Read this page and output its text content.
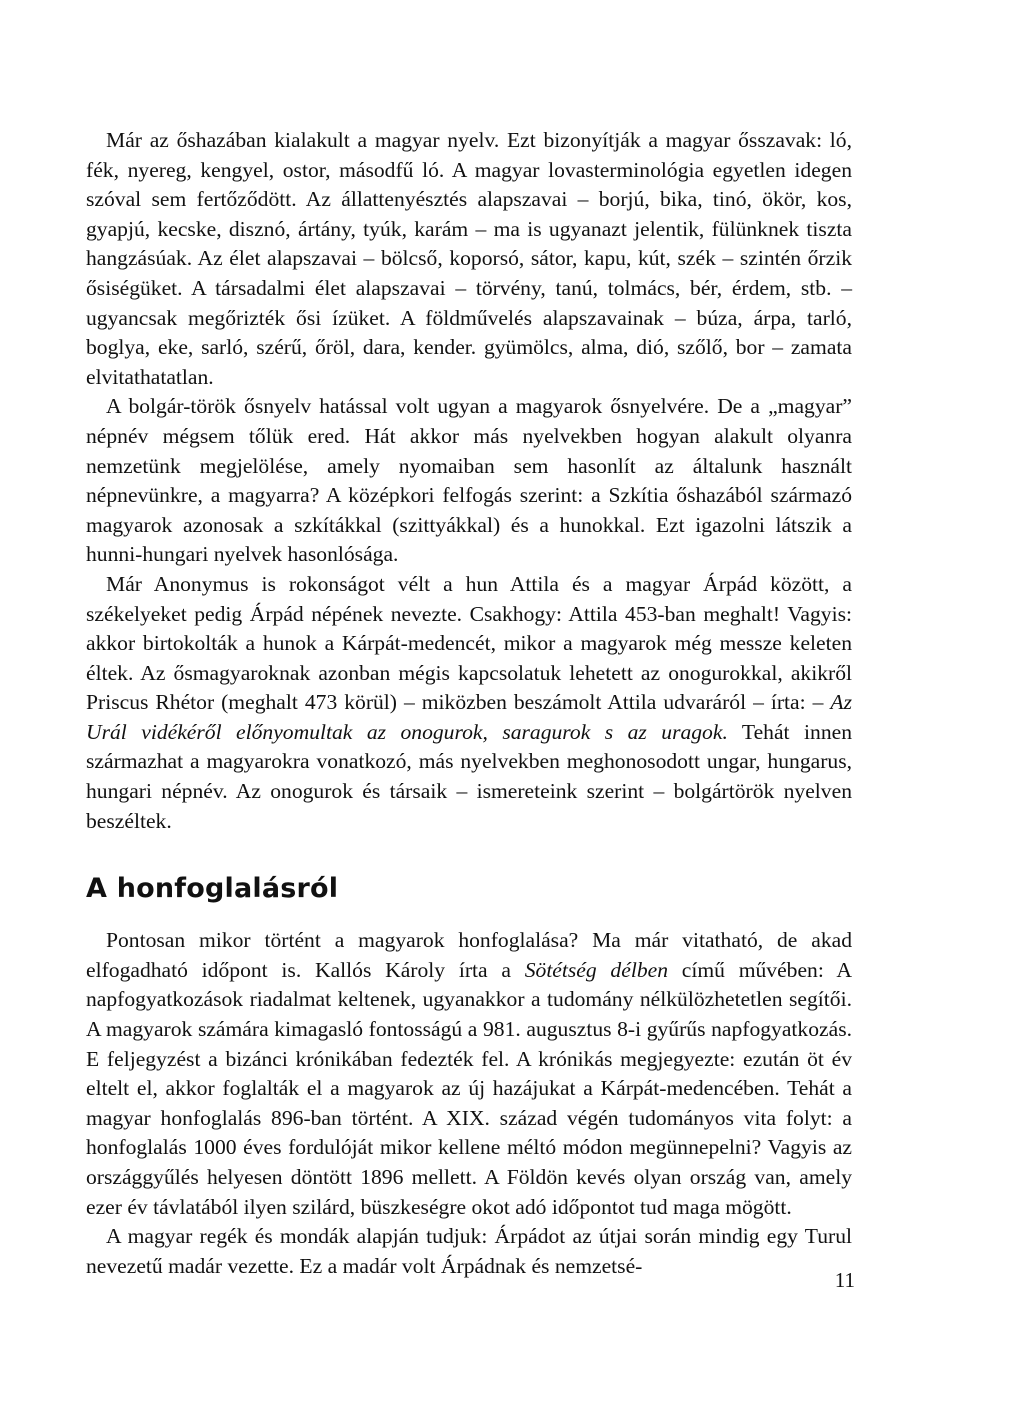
Már az őshazában kialakult a magyar nyelv. Ezt bizonyítják a magyar ősszavak: ló, fék, nyereg, kengyel, ostor, másodfű ló. A magyar lovasterminológia egyetlen idegen szóval sem fertőződött. Az állattenyésztés alapszavai – borjú, bika, tinó, ökör, kos, gyapjú, kecske, disznó, ártány, tyúk, karám – ma is ugyanazt jelentik, fülünknek tiszta hangzásúak. Az élet alapszavai – bölcső, koporsó, sátor, kapu, kút, szék – szintén őrzik ősiségüket. A társadalmi élet alapszavai – törvény, tanú, tolmács, bér, érdem, stb. – ugyancsak megőrizték ősi ízüket. A földművelés alapszavainak – búza, árpa, tarló, boglya, eke, sarló, szérű, őröl, dara, kender. gyümölcs, alma, dió, szőlő, bor – zamata elvitathatatlan.

A bolgár-török ősnyelv hatással volt ugyan a magyarok ősnyelvére. De a „magyar” népnév mégsem tőlük ered. Hát akkor más nyelvekben hogyan alakult olyanra nemzetünk megjelölése, amely nyomaiban sem hasonlít az általunk használt népnevünkre, a magyarra? A középkori felfogás szerint: a Szkítia őshazából származó magyarok azonosak a szkítákkal (szittyákkal) és a hunokkal. Ezt igazolni látszik a hunni-hungari nyelvek hasonlósága.

Már Anonymus is rokonságot vélt a hun Attila és a magyar Árpád között, a székelyeket pedig Árpád népének nevezte. Csakhogy: Attila 453-ban meghalt! Vagyis: akkor birtokolták a hunok a Kárpát-medencét, mikor a magyarok még messze keleten éltek. Az ősmagyaroknak azonban mégis kapcsolatuk lehetett az onogurokkal, akikről Priscus Rhétor (meghalt 473 körül) – miközben beszámolt Attila udvaráról – írta: – Az Urál vidékéről előnyomultak az onogurok, saragurok s az uragok. Tehát innen származhat a magyarokra vonatkozó, más nyelvekben meghonosodott ungar, hungarus, hungari népnév. Az onogurok és társaik – ismereteink szerint – bolgártörök nyelven beszéltek.

A honfoglalásról

Pontosan mikor történt a magyarok honfoglalása? Ma már vitatható, de akad elfogadható időpont is. Kallós Károly írta a Sötétség délben című művében: A napfogyatkozások riadalmat keltenek, ugyanakkor a tudomány nélkülözhetetlen segítői. A magyarok számára kimagasló fontosságú a 981. augusztus 8-i gyűrűs napfogyatkozás. E feljegyzést a bizánci krónikában fedezték fel. A krónikás megjegyezte: ezután öt év eltelt el, akkor foglalták el a magyarok az új hazájukat a Kárpát-medencében. Tehát a magyar honfoglalás 896-ban történt. A XIX. század végén tudományos vita folyt: a honfoglalás 1000 éves fordulóját mikor kellene méltó módon megünnepelni? Vagyis az országgyűlés helyesen döntött 1896 mellett. A Földön kevés olyan ország van, amely ezer év távlatából ilyen szilárd, büszkeségre okot adó időpontot tud maga mögött.

A magyar regék és mondák alapján tudjuk: Árpádot az útjai során mindig egy Turul nevezetű madár vezette. Ez a madár volt Árpádnak és nemzetsé-

11
